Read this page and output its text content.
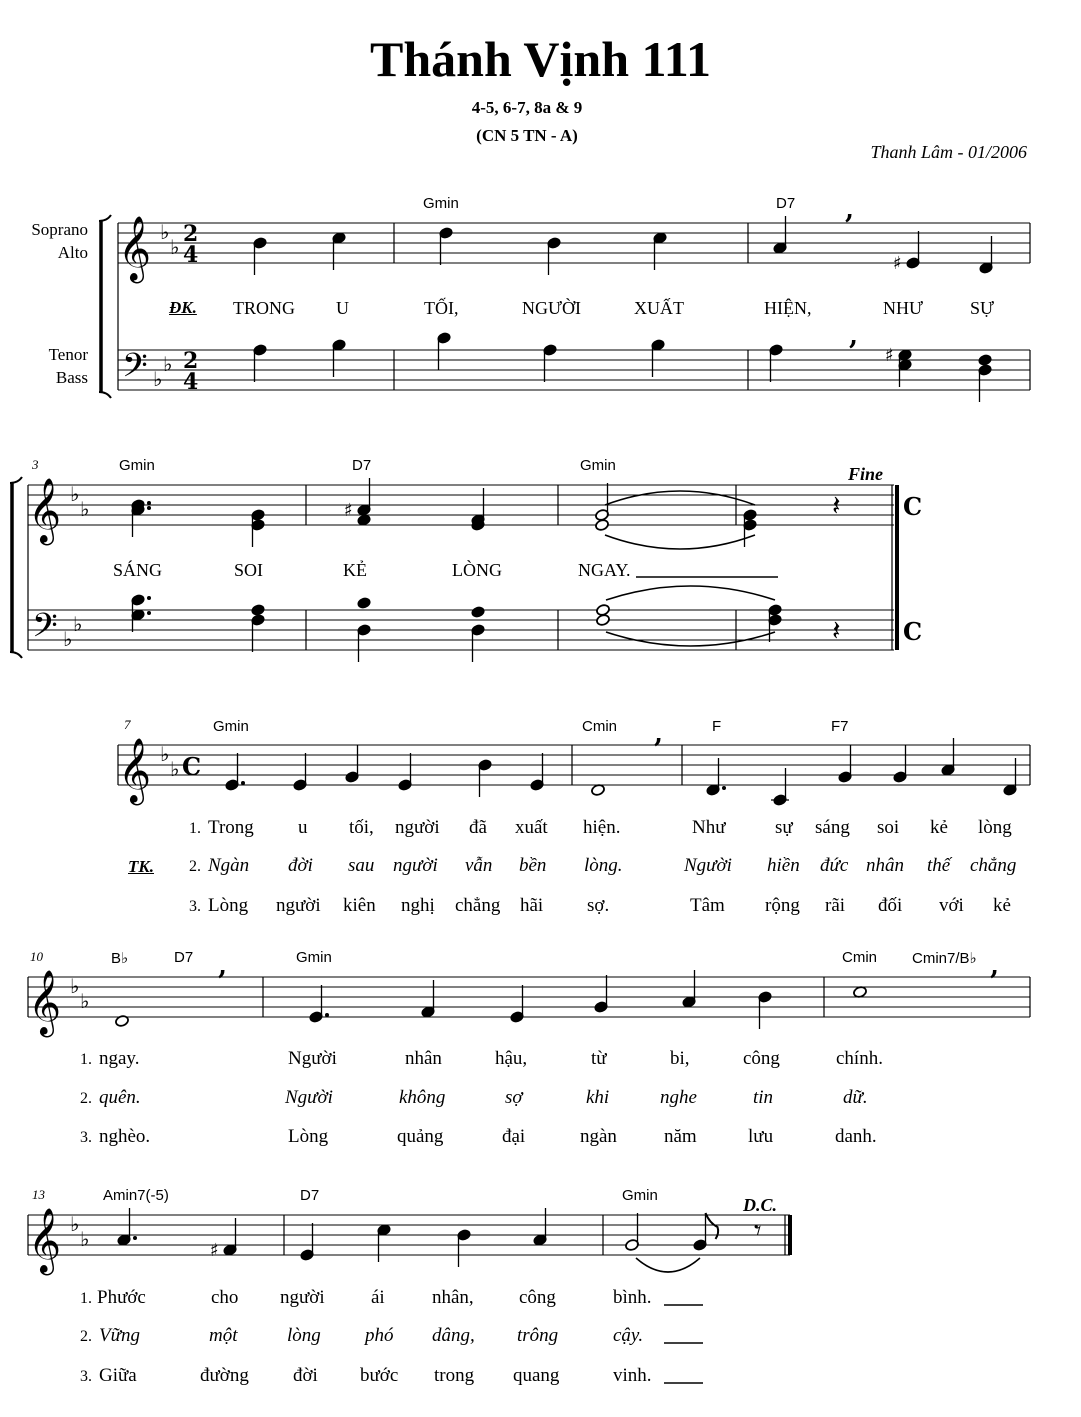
𝄞
𝄢
♭
♭
♭
♭
2
4
2
4
♯
,
♯
,
𝄞
𝄢
♭
♭
♭
♭
C
C
♯	𝄽
𝄽
𝄞 ♭
♭ C
,
𝄞 ♭
♭
,	,
𝄞 ♭
♭	♯
𝄾
Thánh Vịnh 111
4-5, 6-7, 8a & 9
(CN 5 TN - A)
Thanh Lâm - 01/2006
Soprano
Alto
Tenor
Bass
ĐK.
TK.
Fine
D.C.
3
7
10
13
Gmin	D7
TRONG U	TỐI,	NGƯỜI	XUẤT	HIỆN,	NHƯ	SỰ
Gmin	D7	Gmin
SÁNG	SOI	KẺ	LÒNG	NGAY.
Gmin	Cmin	F	F7
1. Trong u tối, người đã xuất hiện.	Như	sự sáng soi kẻ lòng
2. Ngàn đời sau người vẫn bền lòng.	Người hiền đức nhân thế chẳng
3. Lòng người kiên nghị chẳng hãi sợ.	Tâm rộng rãi đối với kẻ
B♭	D7	Gmin	Cmin Cmin7/B♭
1. ngay.	Người	nhân	hậu,	từ	bi,	công	chính.
2. quên.	Người	không	sợ	khi	nghe	tin	dữ.
3. nghèo.	Lòng	quảng	đại	ngàn năm	lưu	danh.
Amin7(-5)	D7	Gmin
1. Phước	cho người ái nhân, công	bình.
2. Vững	một	lòng phó dâng, trông	cậy.
3. Giữa	đường đời bước trong quang	vinh.
